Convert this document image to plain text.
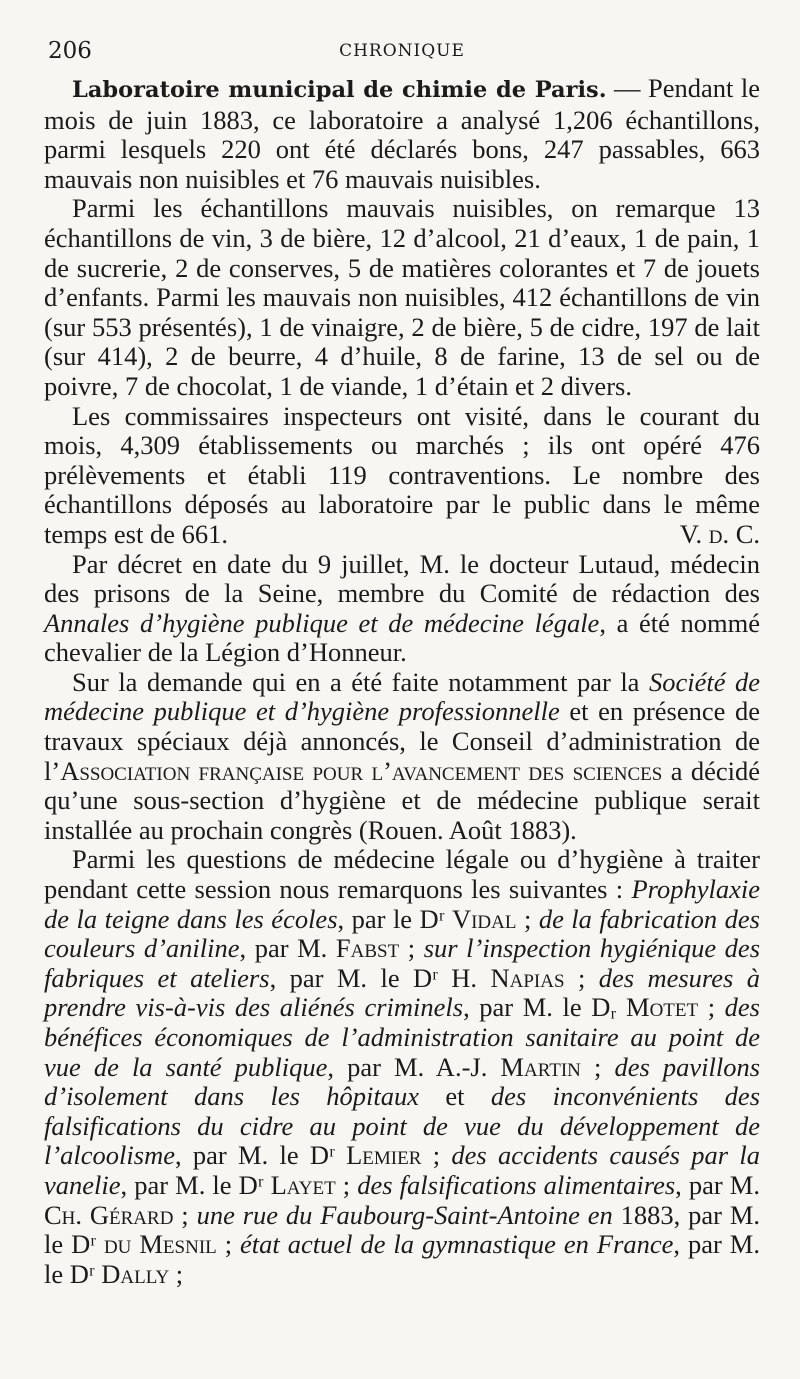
206	CHRONIQUE

Laboratoire municipal de chimie de Paris. — Pendant le mois de juin 1883, ce laboratoire a analysé 1,206 échantillons, parmi lesquels 220 ont été déclarés bons, 247 passables, 663 mauvais non nuisibles et 76 mauvais nuisibles.

Parmi les échantillons mauvais nuisibles, on remarque 13 échantillons de vin, 3 de bière, 12 d’alcool, 21 d’eaux, 1 de pain, 1 de sucrerie, 2 de conserves, 5 de matières colorantes et 7 de jouets d’enfants. Parmi les mauvais non nuisibles, 412 échantillons de vin (sur 553 présentés), 1 de vinaigre, 2 de bière, 5 de cidre, 197 de lait (sur 414), 2 de beurre, 4 d’huile, 8 de farine, 13 de sel ou de poivre, 7 de chocolat, 1 de viande, 1 d’étain et 2 divers.

Les commissaires inspecteurs ont visité, dans le courant du mois, 4,309 établissements ou marchés ; ils ont opéré 476 prélèvements et établi 119 contraventions. Le nombre des échantillons déposés au laboratoire par le public dans le même temps est de 661.	V. d. C.

Par décret en date du 9 juillet, M. le docteur Lutaud, médecin des prisons de la Seine, membre du Comité de rédaction des Annales d’hygiène publique et de médecine légale, a été nommé chevalier de la Légion d’Honneur.

Sur la demande qui en a été faite notamment par la Société de médecine publique et d’hygiène professionnelle et en présence de travaux spéciaux déjà annoncés, le Conseil d’administration de l’Association française pour l’avancement des sciences a décidé qu’une sous-section d’hygiène et de médecine publique serait installée au prochain congrès (Rouen. Août 1883).

Parmi les questions de médecine légale ou d’hygiène à traiter pendant cette session nous remarquons les suivantes : Prophylaxie de la teigne dans les écoles, par le Dʳ Vidal ; de la fabrication des couleurs d’aniline, par M. Fabst ; sur l’inspection hygiénique des fabriques et ateliers, par M. le Dʳ H. Napias ; des mesures à prendre vis-à-vis des aliénés criminels, par M. le Dᵣ Motet ; des bénéfices économiques de l’administration sanitaire au point de vue de la santé publique, par M. A.-J. Martin ; des pavillons d’isolement dans les hôpitaux et des inconvénients des falsifications du cidre au point de vue du développement de l’alcoolisme, par M. le Dʳ Lemier ; des accidents causés par la vanelie, par M. le Dʳ Layet ; des falsifications alimentaires, par M. Ch. Gérard ; une rue du Faubourg-Saint-Antoine en 1883, par M. le Dʳ du Mesnil ; état actuel de la gymnastique en France, par M. le Dʳ Dally ;
